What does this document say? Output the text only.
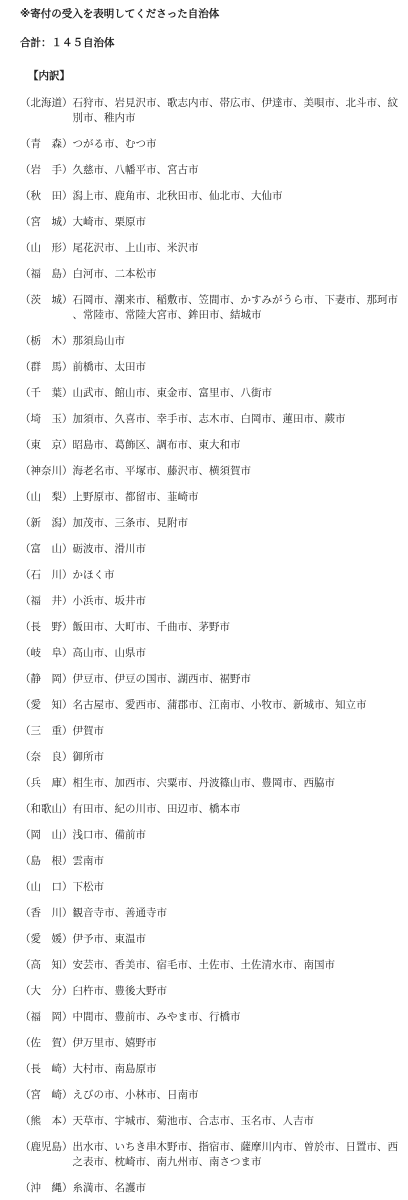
※寄付の受入を表明してくださった自治体

合計：１４５自治体

【内訳】

（北海道） 石狩市、岩見沢市、歌志内市、帯広市、伊達市、美唄市、北斗市、紋別市、稚内市
（青　森） つがる市、むつ市
（岩　手） 久慈市、八幡平市、宮古市
（秋　田） 潟上市、鹿角市、北秋田市、仙北市、大仙市
（宮　城） 大崎市、栗原市
（山　形） 尾花沢市、上山市、米沢市
（福　島） 白河市、二本松市
（茨　城） 石岡市、潮来市、稲敷市、笠間市、かすみがうら市、下妻市、那珂市、常陸市、常陸大宮市、鉾田市、結城市
（栃　木） 那須烏山市
（群　馬） 前橋市、太田市
（千　葉） 山武市、館山市、東金市、富里市、八街市
（埼　玉） 加須市、久喜市、幸手市、志木市、白岡市、蓮田市、蕨市
（東　京） 昭島市、葛飾区、調布市、東大和市
（神奈川） 海老名市、平塚市、藤沢市、横須賀市
（山　梨） 上野原市、都留市、韮崎市
（新　潟） 加茂市、三条市、見附市
（富　山） 砺波市、滑川市
（石　川） かほく市
（福　井） 小浜市、坂井市
（長　野） 飯田市、大町市、千曲市、茅野市
（岐　阜） 高山市、山県市
（静　岡） 伊豆市、伊豆の国市、湖西市、裾野市
（愛　知） 名古屋市、愛西市、蒲郡市、江南市、小牧市、新城市、知立市
（三　重） 伊賀市
（奈　良） 御所市
（兵　庫） 相生市、加西市、宍粟市、丹波篠山市、豊岡市、西脇市
（和歌山） 有田市、紀の川市、田辺市、橋本市
（岡　山） 浅口市、備前市
（島　根） 雲南市
（山　口） 下松市
（香　川） 観音寺市、善通寺市
（愛　媛） 伊予市、東温市
（高　知） 安芸市、香美市、宿毛市、土佐市、土佐清水市、南国市
（大　分） 臼杵市、豊後大野市
（福　岡） 中間市、豊前市、みやま市、行橋市
（佐　賀） 伊万里市、嬉野市
（長　崎） 大村市、南島原市
（宮　崎） えびの市、小林市、日南市
（熊　本） 天草市、宇城市、菊池市、合志市、玉名市、人吉市
（鹿児島） 出水市、いちき串木野市、指宿市、薩摩川内市、曽於市、日置市、西之表市、枕崎市、南九州市、南さつま市
（沖　縄） 糸満市、名護市
